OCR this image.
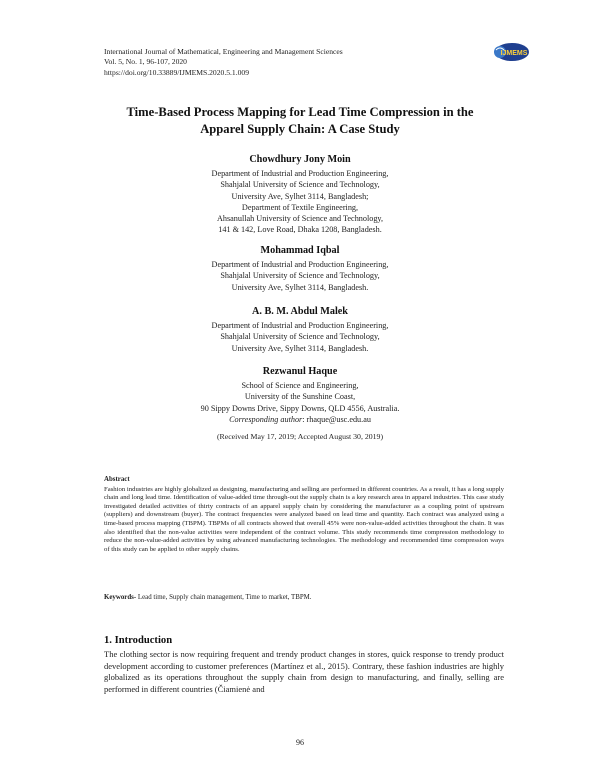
International Journal of Mathematical, Engineering and Management Sciences
Vol. 5, No. 1, 96-107, 2020
https://doi.org/10.33889/IJMEMS.2020.5.1.009
IJMEMS
Time-Based Process Mapping for Lead Time Compression in the
Apparel Supply Chain: A Case Study
Chowdhury Jony Moin
Department of Industrial and Production Engineering,
Shahjalal University of Science and Technology,
University Ave, Sylhet 3114, Bangladesh;
Department of Textile Engineering,
Ahsanullah University of Science and Technology,
141 & 142, Love Road, Dhaka 1208, Bangladesh.
Mohammad Iqbal
Department of Industrial and Production Engineering,
Shahjalal University of Science and Technology,
University Ave, Sylhet 3114, Bangladesh.
A. B. M. Abdul Malek
Department of Industrial and Production Engineering,
Shahjalal University of Science and Technology,
University Ave, Sylhet 3114, Bangladesh.
Rezwanul Haque
School of Science and Engineering,
University of the Sunshine Coast,
90 Sippy Downs Drive, Sippy Downs, QLD 4556, Australia.
Corresponding author: rhaque@usc.edu.au
(Received May 17, 2019; Accepted August 30, 2019)
Abstract
Fashion industries are highly globalized as designing, manufacturing and selling are performed in different countries. As a result, it has a long supply chain and long lead time. Identification of value-added time through-out the supply chain is a key research area in apparel industries. This case study investigated detailed activities of thirty contracts of an apparel supply chain by considering the manufacturer as a coupling point of upstream (suppliers) and downstream (buyer). The contract frequencies were analyzed based on lead time and quantity. Each contract was analyzed using a time-based process mapping (TBPM). TBPMs of all contracts showed that overall 45% were non-value-added activities throughout the chain. It was also identified that the non-value activities were independent of the contract volume. This study recommends time compression methodology to reduce the non-value-added activities by using advanced manufacturing technologies. The methodology and recommended time compression ways of this study can be applied to other supply chains.
Keywords- Lead time, Supply chain management, Time to market, TBPM.
1. Introduction
The clothing sector is now requiring frequent and trendy product changes in stores, quick response to trendy product development according to customer preferences (Martínez et al., 2015). Contrary, these fashion industries are highly globalized as its operations throughout the supply chain from design to manufacturing, and finally, selling are performed in different countries (Čiamienė and
96
